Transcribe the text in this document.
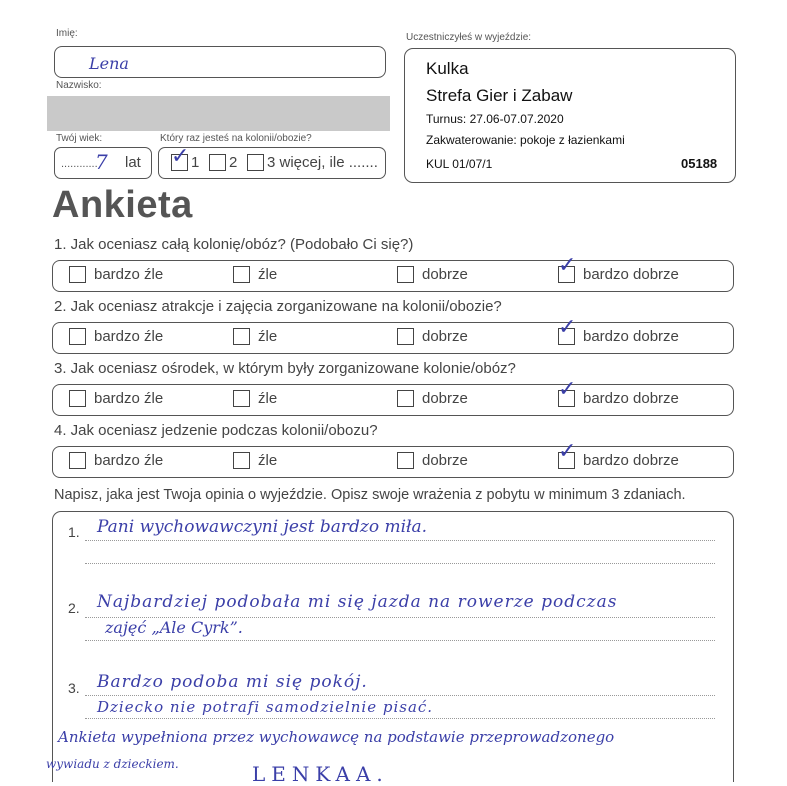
Imię:
Lena
Nazwisko:
Twój wiek:
............
7 lat
Który raz jesteś na kolonii/obozie?
✓ 1 2 3 więcej, ile .......
Uczestniczyłeś w wyjeździe:
Kulka
Strefa Gier i Zabaw
Turnus: 27.06-07.07.2020
Zakwaterowanie: pokoje z łazienkami
KUL 01/07/1	05188
Ankieta
1. Jak oceniasz całą kolonię/obóz? (Podobało Ci się?)
bardzo źle	źle	dobrze	bardzo dobrze
✓
2. Jak oceniasz atrakcje i zajęcia zorganizowane na kolonii/obozie?
bardzo źle	źle	dobrze	bardzo dobrze
✓
3. Jak oceniasz ośrodek, w którym były zorganizowane kolonie/obóz?
bardzo źle	źle	dobrze	bardzo dobrze
✓
4. Jak oceniasz jedzenie podczas kolonii/obozu?
bardzo źle	źle	dobrze	bardzo dobrze
✓
Napisz, jaka jest Twoja opinia o wyjeździe. Opisz swoje wrażenia z pobytu w minimum 3 zdaniach.
1.
2.
3.
Pani wychowawczyni jest bardzo miła.
Najbardziej podobała mi się jazda na rowerze podczas
zajęć „Ale Cyrk”.
Bardzo podoba mi się pokój.
Dziecko nie potrafi samodzielnie pisać.
Ankieta wypełniona przez wychowawcę na podstawie przeprowadzonego
wywiadu z dzieckiem.	LENKAA.
